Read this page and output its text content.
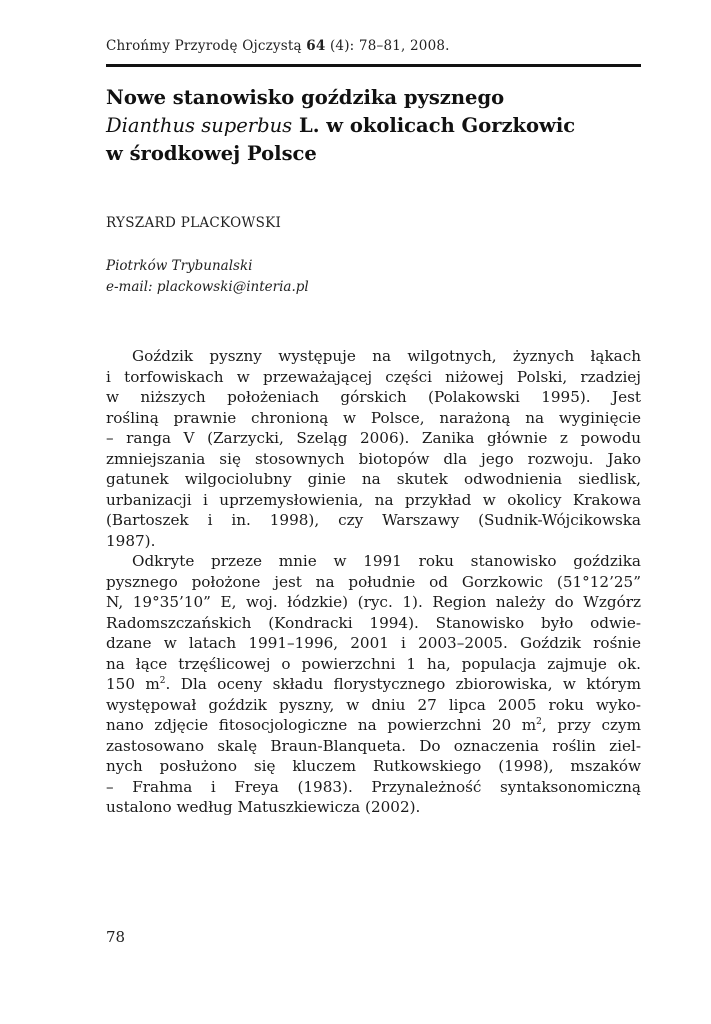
Chrońmy Przyrodę Ojczystą 64 (4): 78–81, 2008.
Nowe stanowisko goździka pysznego
Dianthus superbus L. w okolicach Gorzkowic
w środkowej Polsce
RYSZARD PLACKOWSKI
Piotrków Trybunalski
e-mail: plackowski@interia.pl
Goździk pyszny występuje na wilgotnych, żyznych łąkach
i torfowiskach w przeważającej części niżowej Polski, rzadziej
w niższych położeniach górskich (Polakowski 1995). Jest
rośliną prawnie chronioną w Polsce, narażoną na wyginięcie
– ranga V (Zarzycki, Szeląg 2006). Zanika głównie z powodu
zmniejszania się stosownych biotopów dla jego rozwoju. Jako
gatunek wilgociolubny ginie na skutek odwodnienia siedlisk,
urbanizacji i uprzemysłowienia, na przykład w okolicy Krakowa
(Bartoszek i in. 1998), czy Warszawy (Sudnik-Wójcikowska
1987).
Odkryte przeze mnie w 1991 roku stanowisko goździka
pysznego położone jest na południe od Gorzkowic (51°12’25”
N, 19°35’10” E, woj. łódzkie) (ryc. 1). Region należy do Wzgórz
Radomszczańskich (Kondracki 1994). Stanowisko było odwie-
dzane w latach 1991–1996, 2001 i 2003–2005. Goździk rośnie
na łące trzęślicowej o powierzchni 1 ha, populacja zajmuje ok.
150 $m^2$. Dla oceny składu florystycznego zbiorowiska, w którym
występował goździk pyszny, w dniu 27 lipca 2005 roku wyko-
nano zdjęcie fitosocjologiczne na powierzchni 20 $m^2$, przy czym
zastosowano skalę Braun-Blanqueta. Do oznaczenia roślin ziel-
nych posłużono się kluczem Rutkowskiego (1998), mszaków
– Frahma i Freya (1983). Przynależność syntaksonomiczną
ustalono według Matuszkiewicza (2002).
78
